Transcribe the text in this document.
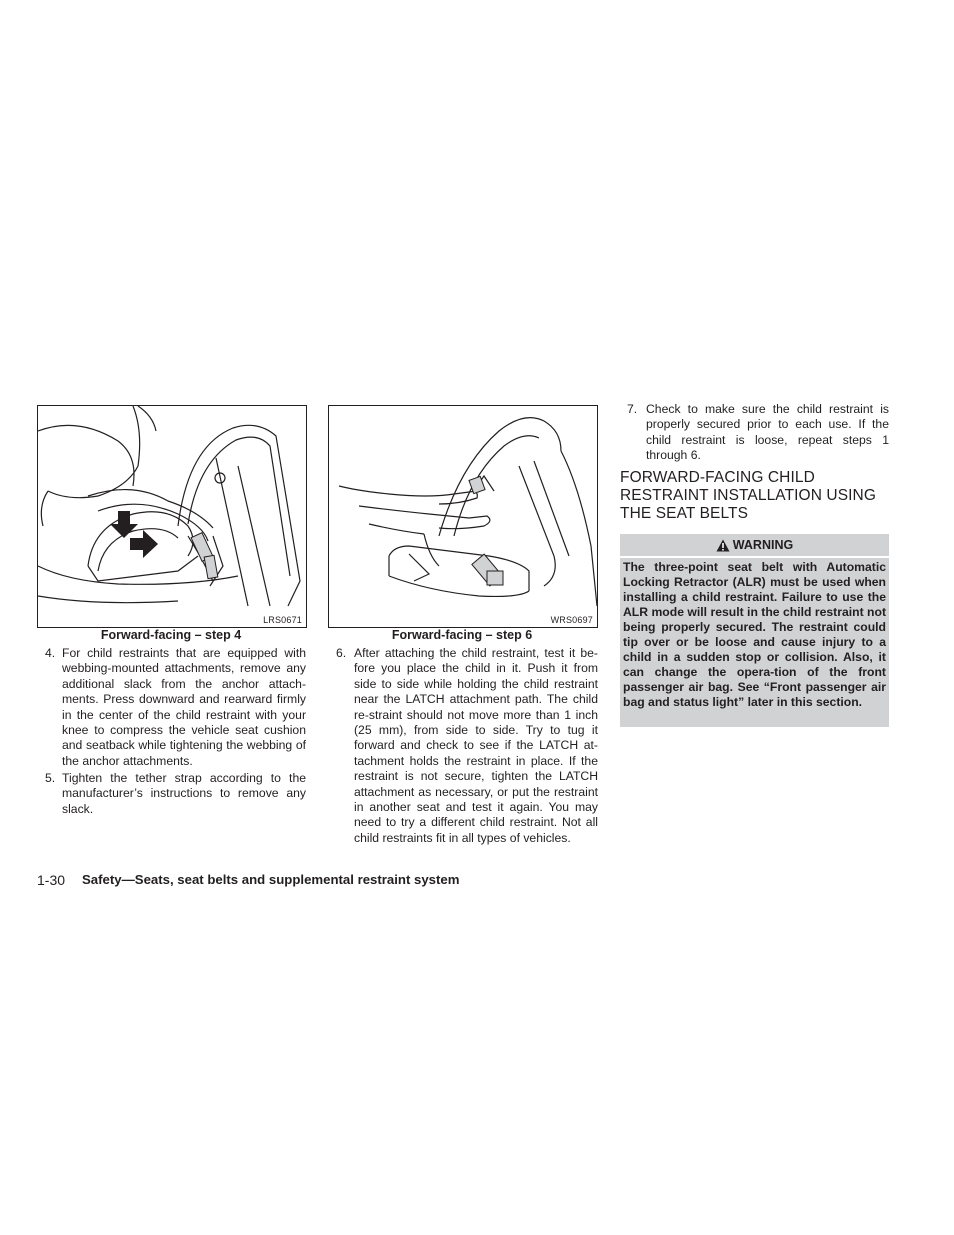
LRS0671
Forward-facing – step 4
WRS0697
Forward-facing – step 6
4. For child restraints that are equipped with webbing-mounted attachments, remove any additional slack from the anchor attach-ments. Press downward and rearward firmly in the center of the child restraint with your knee to compress the vehicle seat cushion and seatback while tightening the webbing of the anchor attachments.
5. Tighten the tether strap according to the manufacturer’s instructions to remove any slack.
6. After attaching the child restraint, test it be-fore you place the child in it. Push it from side to side while holding the child restraint near the LATCH attachment path. The child re-straint should not move more than 1 inch (25 mm), from side to side. Try to tug it forward and check to see if the LATCH at-tachment holds the restraint in place. If the restraint is not secure, tighten the LATCH attachment as necessary, or put the restraint in another seat and test it again. You may need to try a different child restraint. Not all child restraints fit in all types of vehicles.
7. Check to make sure the child restraint is properly secured prior to each use. If the child restraint is loose, repeat steps 1 through 6.
FORWARD-FACING CHILD RESTRAINT INSTALLATION USING THE SEAT BELTS
WARNING
The three-point seat belt with Automatic Locking Retractor (ALR) must be used when installing a child restraint. Failure to use the ALR mode will result in the child restraint not being properly secured. The restraint could tip over or be loose and cause injury to a child in a sudden stop or collision. Also, it can change the opera-tion of the front passenger air bag. See “Front passenger air bag and status light” later in this section.
1-30 Safety—Seats, seat belts and supplemental restraint system
